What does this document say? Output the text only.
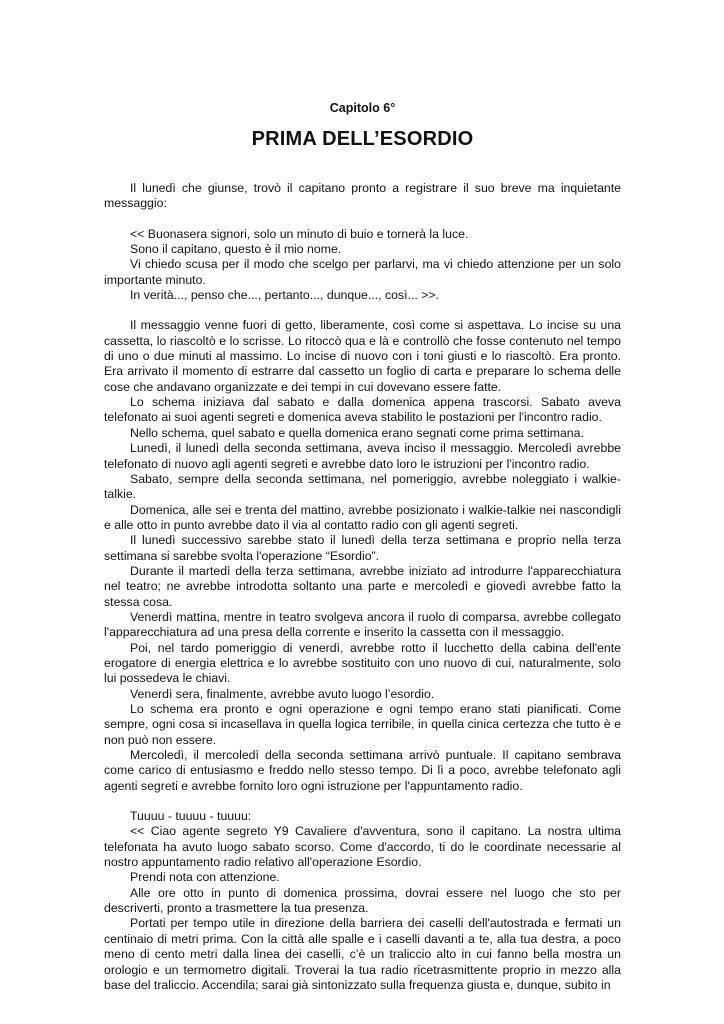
Capitolo 6°
PRIMA DELL’ESORDIO

Il lunedì che giunse, trovò il capitano pronto a registrare il suo breve ma inquietante messaggio:

<< Buonasera signori, solo un minuto di buio e tornerà la luce.

Sono il capitano, questo è il mio nome.

Vi chiedo scusa per il modo che scelgo per parlarvi, ma vi chiedo attenzione per un solo importante minuto.

In verità..., penso che..., pertanto..., dunque..., così... >>.

Il messaggio venne fuori di getto, liberamente, così come si aspettava. Lo incise su una cassetta, lo riascoltò e lo scrisse. Lo ritoccò qua e là e controllò che fosse contenuto nel tempo di uno o due minuti al massimo. Lo incise di nuovo con i toni giusti e lo riascoltò. Era pronto. Era arrivato il momento di estrarre dal cassetto un foglio di carta e preparare lo schema delle cose che andavano organizzate e dei tempi in cui dovevano essere fatte.

Lo schema iniziava dal sabato e dalla domenica appena trascorsi. Sabato aveva telefonato ai suoi agenti segreti e domenica aveva stabilito le postazioni per l'incontro radio.

Nello schema, quel sabato e quella domenica erano segnati come prima settimana.

Lunedì, il lunedì della seconda settimana, aveva inciso il messaggio. Mercoledì avrebbe telefonato di nuovo agli agenti segreti e avrebbe dato loro le istruzioni per l'incontro radio.

Sabato, sempre della seconda settimana, nel pomeriggio, avrebbe noleggiato i walkie-talkie.

Domenica, alle sei e trenta del mattino, avrebbe posizionato i walkie-talkie nei nascondigli e alle otto in punto avrebbe dato il via al contatto radio con gli agenti segreti.

Il lunedì successivo sarebbe stato il lunedì della terza settimana e proprio nella terza settimana si sarebbe svolta l'operazione “Esordio”.

Durante il martedì della terza settimana, avrebbe iniziato ad introdurre l'apparecchiatura nel teatro; ne avrebbe introdotta soltanto una parte e mercoledì e giovedì avrebbe fatto la stessa cosa.

Venerdì mattina, mentre in teatro svolgeva ancora il ruolo di comparsa, avrebbe collegato l'apparecchiatura ad una presa della corrente e inserito la cassetta con il messaggio.

Poi, nel tardo pomeriggio di venerdì, avrebbe rotto il lucchetto della cabina dell'ente erogatore di energia elettrica e lo avrebbe sostituito con uno nuovo di cui, naturalmente, solo lui possedeva le chiavi.

Venerdì sera, finalmente, avrebbe avuto luogo l’esordio.

Lo schema era pronto e ogni operazione e ogni tempo erano stati pianificati. Come sempre, ogni cosa si incasellava in quella logica terribile, in quella cinica certezza che tutto è e non può non essere.

Mercoledì, il mercoledì della seconda settimana arrivò puntuale. Il capitano sembrava come carico di entusiasmo e freddo nello stesso tempo. Di lì a poco, avrebbe telefonato agli agenti segreti e avrebbe fornito loro ogni istruzione per l'appuntamento radio.

Tuuuu - tuuuu - tuuuu:

<< Ciao agente segreto Y9 Cavaliere d'avventura, sono il capitano. La nostra ultima telefonata ha avuto luogo sabato scorso. Come d'accordo, ti do le coordinate necessarie al nostro appuntamento radio relativo all'operazione Esordio.

Prendi nota con attenzione.

Alle ore otto in punto di domenica prossima, dovrai essere nel luogo che sto per descriverti, pronto a trasmettere la tua presenza.

Portati per tempo utile in direzione della barriera dei caselli dell'autostrada e fermati un centinaio di metri prima. Con la città alle spalle e i caselli davanti a te, alla tua destra, a poco meno di cento metri dalla linea dei caselli, c’è un traliccio alto in cui fanno bella mostra un orologio e un termometro digitali. Troverai la tua radio ricetrasmittente proprio in mezzo alla base del traliccio. Accendila; sarai già sintonizzato sulla frequenza giusta e, dunque, subito in
